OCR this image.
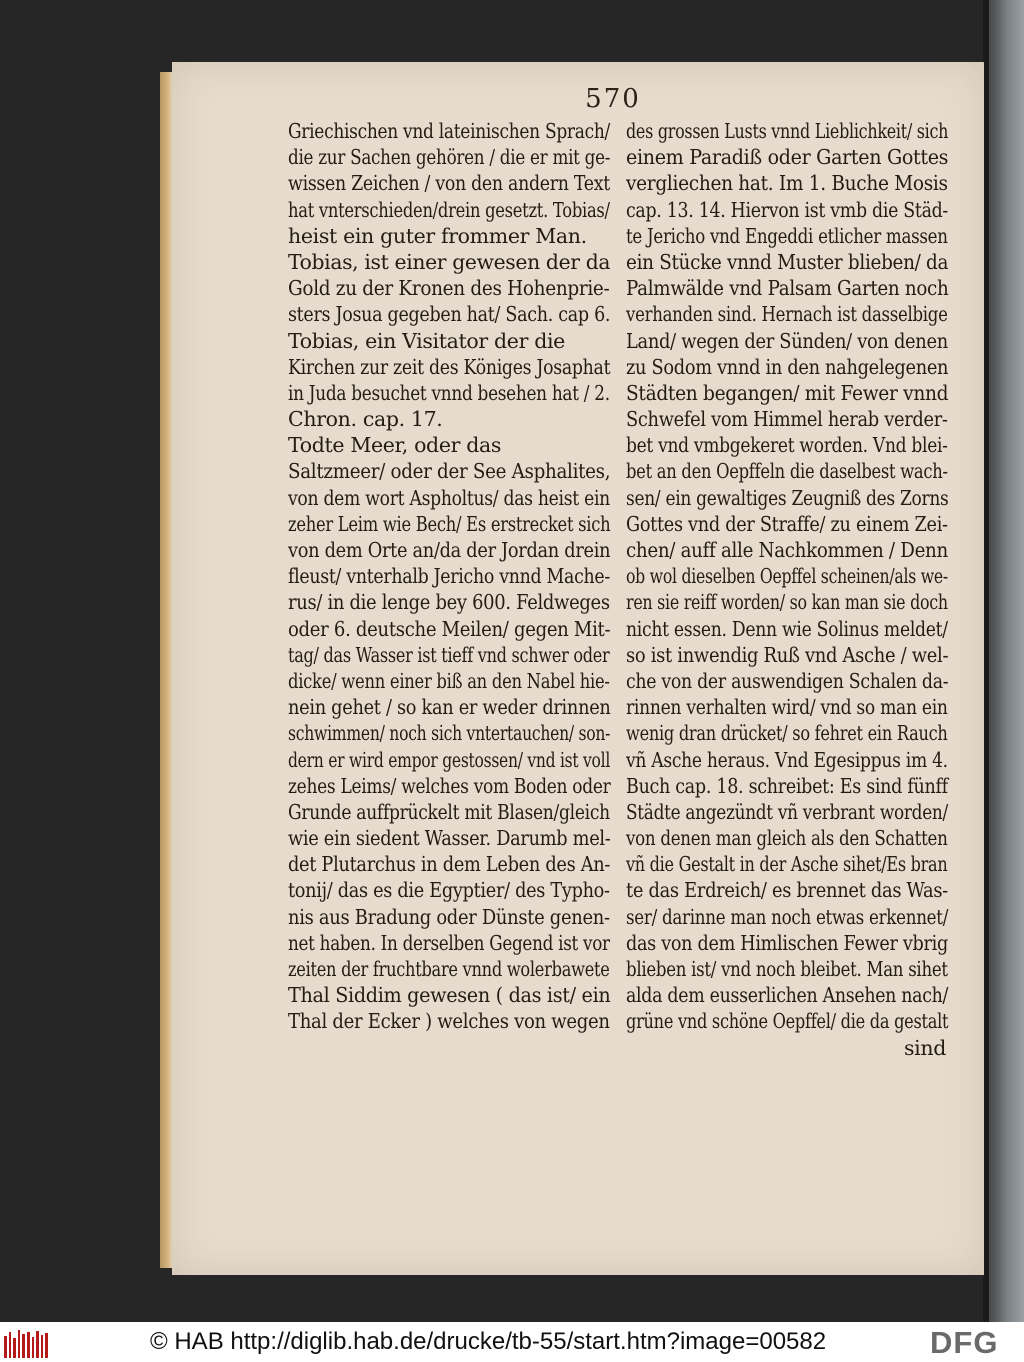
570
Griechischen vnd lateinischen Sprach/
die zur Sachen gehören / die er mit ge-
wissen Zeichen / von den andern Text
hat vnterschieden/drein gesetzt. Tobias/
heist ein guter frommer Man.
Tobias, ist einer gewesen der da
Gold zu der Kronen des Hohenprie-
sters Josua gegeben hat/ Sach. cap 6.
Tobias, ein Visitator der die
Kirchen zur zeit des Königes Josaphat
in Juda besuchet vnnd besehen hat / 2.
Chron. cap. 17.
Todte Meer, oder das
Saltzmeer/ oder der See Asphalites,
von dem wort Aspholtus/ das heist ein
zeher Leim wie Bech/ Es erstrecket sich
von dem Orte an/da der Jordan drein
fleust/ vnterhalb Jericho vnnd Mache-
rus/ in die lenge bey 600. Feldweges
oder 6. deutsche Meilen/ gegen Mit-
tag/ das Wasser ist tieff vnd schwer oder
dicke/ wenn einer biß an den Nabel hie-
nein gehet / so kan er weder drinnen
schwimmen/ noch sich vntertauchen/ son-
dern er wird empor gestossen/ vnd ist voll
zehes Leims/ welches vom Boden oder
Grunde auffprückelt mit Blasen/gleich
wie ein siedent Wasser. Darumb mel-
det Plutarchus in dem Leben des An-
tonij/ das es die Egyptier/ des Typho-
nis aus Bradung oder Dünste genen-
net haben. In derselben Gegend ist vor
zeiten der fruchtbare vnnd wolerbawete
Thal Siddim gewesen ( das ist/ ein
Thal der Ecker ) welches von wegen
des grossen Lusts vnnd Lieblichkeit/ sich
einem Paradiß oder Garten Gottes
vergliechen hat. Im 1. Buche Mosis
cap. 13. 14. Hiervon ist vmb die Städ-
te Jericho vnd Engeddi etlicher massen
ein Stücke vnnd Muster blieben/ da
Palmwälde vnd Palsam Garten noch
verhanden sind. Hernach ist dasselbige
Land/ wegen der Sünden/ von denen
zu Sodom vnnd in den nahgelegenen
Städten begangen/ mit Fewer vnnd
Schwefel vom Himmel herab verder-
bet vnd vmbgekeret worden. Vnd blei-
bet an den Oepffeln die daselbest wach-
sen/ ein gewaltiges Zeugniß des Zorns
Gottes vnd der Straffe/ zu einem Zei-
chen/ auff alle Nachkommen / Denn
ob wol dieselben Oepffel scheinen/als we-
ren sie reiff worden/ so kan man sie doch
nicht essen. Denn wie Solinus meldet/
so ist inwendig Ruß vnd Asche / wel-
che von der auswendigen Schalen da-
rinnen verhalten wird/ vnd so man ein
wenig dran drücket/ so fehret ein Rauch
vñ Asche heraus. Vnd Egesippus im 4.
Buch cap. 18. schreibet: Es sind fünff
Städte angezündt vñ verbrant worden/
von denen man gleich als den Schatten
vñ die Gestalt in der Asche sihet/Es bran
te das Erdreich/ es brennet das Was-
ser/ darinne man noch etwas erkennet/
das von dem Himlischen Fewer vbrig
blieben ist/ vnd noch bleibet. Man sihet
alda dem eusserlichen Ansehen nach/
grüne vnd schöne Oepffel/ die da gestalt
sind
© HAB http://diglib.hab.de/drucke/tb-55/start.htm?image=00582	DFG
